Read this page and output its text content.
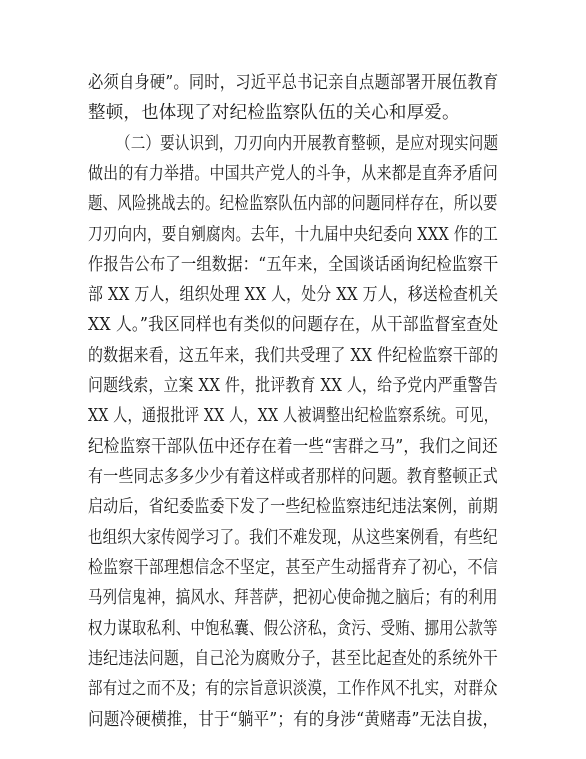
必须自身硬”。同时，习近平总书记亲自点题部署开展伍教育
整顿，也体现了对纪检监察队伍的关心和厚爱。
（二）要认识到，刀刃向内开展教育整顿，是应对现实问题
做出的有力举措。中国共产党人的斗争，从来都是直奔矛盾问
题、风险挑战去的。纪检监察队伍内部的问题同样存在，所以要
刀刃向内，要自剜腐肉。去年，十九届中央纪委向 XXX 作的工
作报告公布了一组数据：“五年来，全国谈话函询纪检监察干
部 XX 万人，组织处理 XX 人，处分 XX 万人，移送检查机关
XX 人。”我区同样也有类似的问题存在，从干部监督室查处
的数据来看，这五年来，我们共受理了 XX 件纪检监察干部的
问题线索，立案 XX 件，批评教育 XX 人，给予党内严重警告
XX 人，通报批评 XX 人，XX 人被调整出纪检监察系统。可见，
纪检监察干部队伍中还存在着一些“害群之马”，我们之间还
有一些同志多多少少有着这样或者那样的问题。教育整顿正式
启动后，省纪委监委下发了一些纪检监察违纪违法案例，前期
也组织大家传阅学习了。我们不难发现，从这些案例看，有些纪
检监察干部理想信念不坚定，甚至产生动摇背弃了初心，不信
马列信鬼神，搞风水、拜菩萨，把初心使命抛之脑后；有的利用
权力谋取私利、中饱私囊、假公济私，贪污、受贿、挪用公款等
违纪违法问题，自己沦为腐败分子，甚至比起查处的系统外干
部有过之而不及；有的宗旨意识淡漠，工作作风不扎实，对群众
问题冷硬横推，甘于“躺平”；有的身涉“黄赌毒”无法自拔，
